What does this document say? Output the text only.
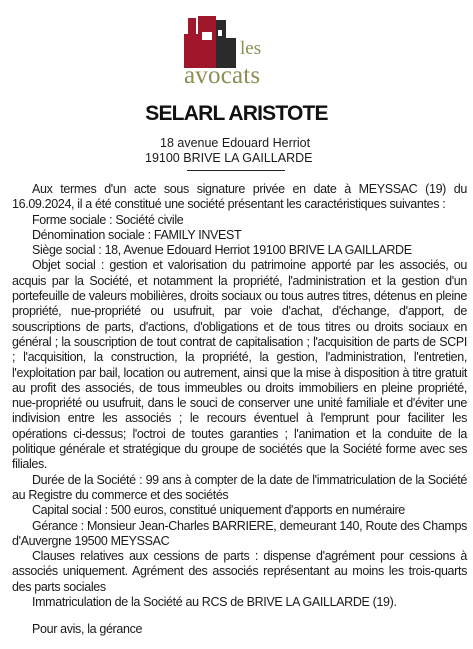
les
avocats
SELARL ARISTOTE
18 avenue Edouard Herriot
19100 BRIVE LA GAILLARDE

Aux termes d'un acte sous signature privée en date à MEYSSAC (19) du 16.09.2024, il a été constitué une société présentant les caractéristiques suivantes :

Forme sociale : Société civile

Dénomination sociale : FAMILY INVEST

Siège social : 18, Avenue Edouard Herriot 19100 BRIVE LA GAILLARDE

Objet social : gestion et valorisation du patrimoine apporté par les associés, ou acquis par la Société, et notamment la propriété, l'administration et la gestion d'un portefeuille de valeurs mobilières, droits sociaux ou tous autres titres, détenus en pleine propriété, nue-propriété ou usufruit, par voie d'achat, d'échange, d'apport, de souscriptions de parts, d'actions, d'obligations et de tous titres ou droits sociaux en général ; la souscription de tout contrat de capitalisation ; l'acquisition de parts de SCPI ; l'acquisition, la construction, la propriété, la gestion, l'administration, l'entretien, l'exploitation par bail, location ou autrement, ainsi que la mise à disposition à titre gratuit au profit des associés, de tous immeubles ou droits immobiliers en pleine propriété, nue-propriété ou usufruit, dans le souci de conserver une unité familiale et d'éviter une indivision entre les associés ; le recours éventuel à l'emprunt pour faciliter les opérations ci-dessus; l'octroi de toutes garanties ; l'animation et la conduite de la politique générale et stratégique du groupe de sociétés que la Société forme avec ses filiales.

Durée de la Société : 99 ans à compter de la date de l'immatriculation de la Société au Registre du commerce et des sociétés

Capital social : 500 euros, constitué uniquement d'apports en numéraire

Gérance : Monsieur Jean-Charles BARRIERE, demeurant 140, Route des Champs d'Auvergne 19500 MEYSSAC

Clauses relatives aux cessions de parts : dispense d'agrément pour cessions à associés uniquement. Agrément des associés représentant au moins les trois-quarts des parts sociales

Immatriculation de la Société au RCS de BRIVE LA GAILLARDE (19).

Pour avis, la gérance
